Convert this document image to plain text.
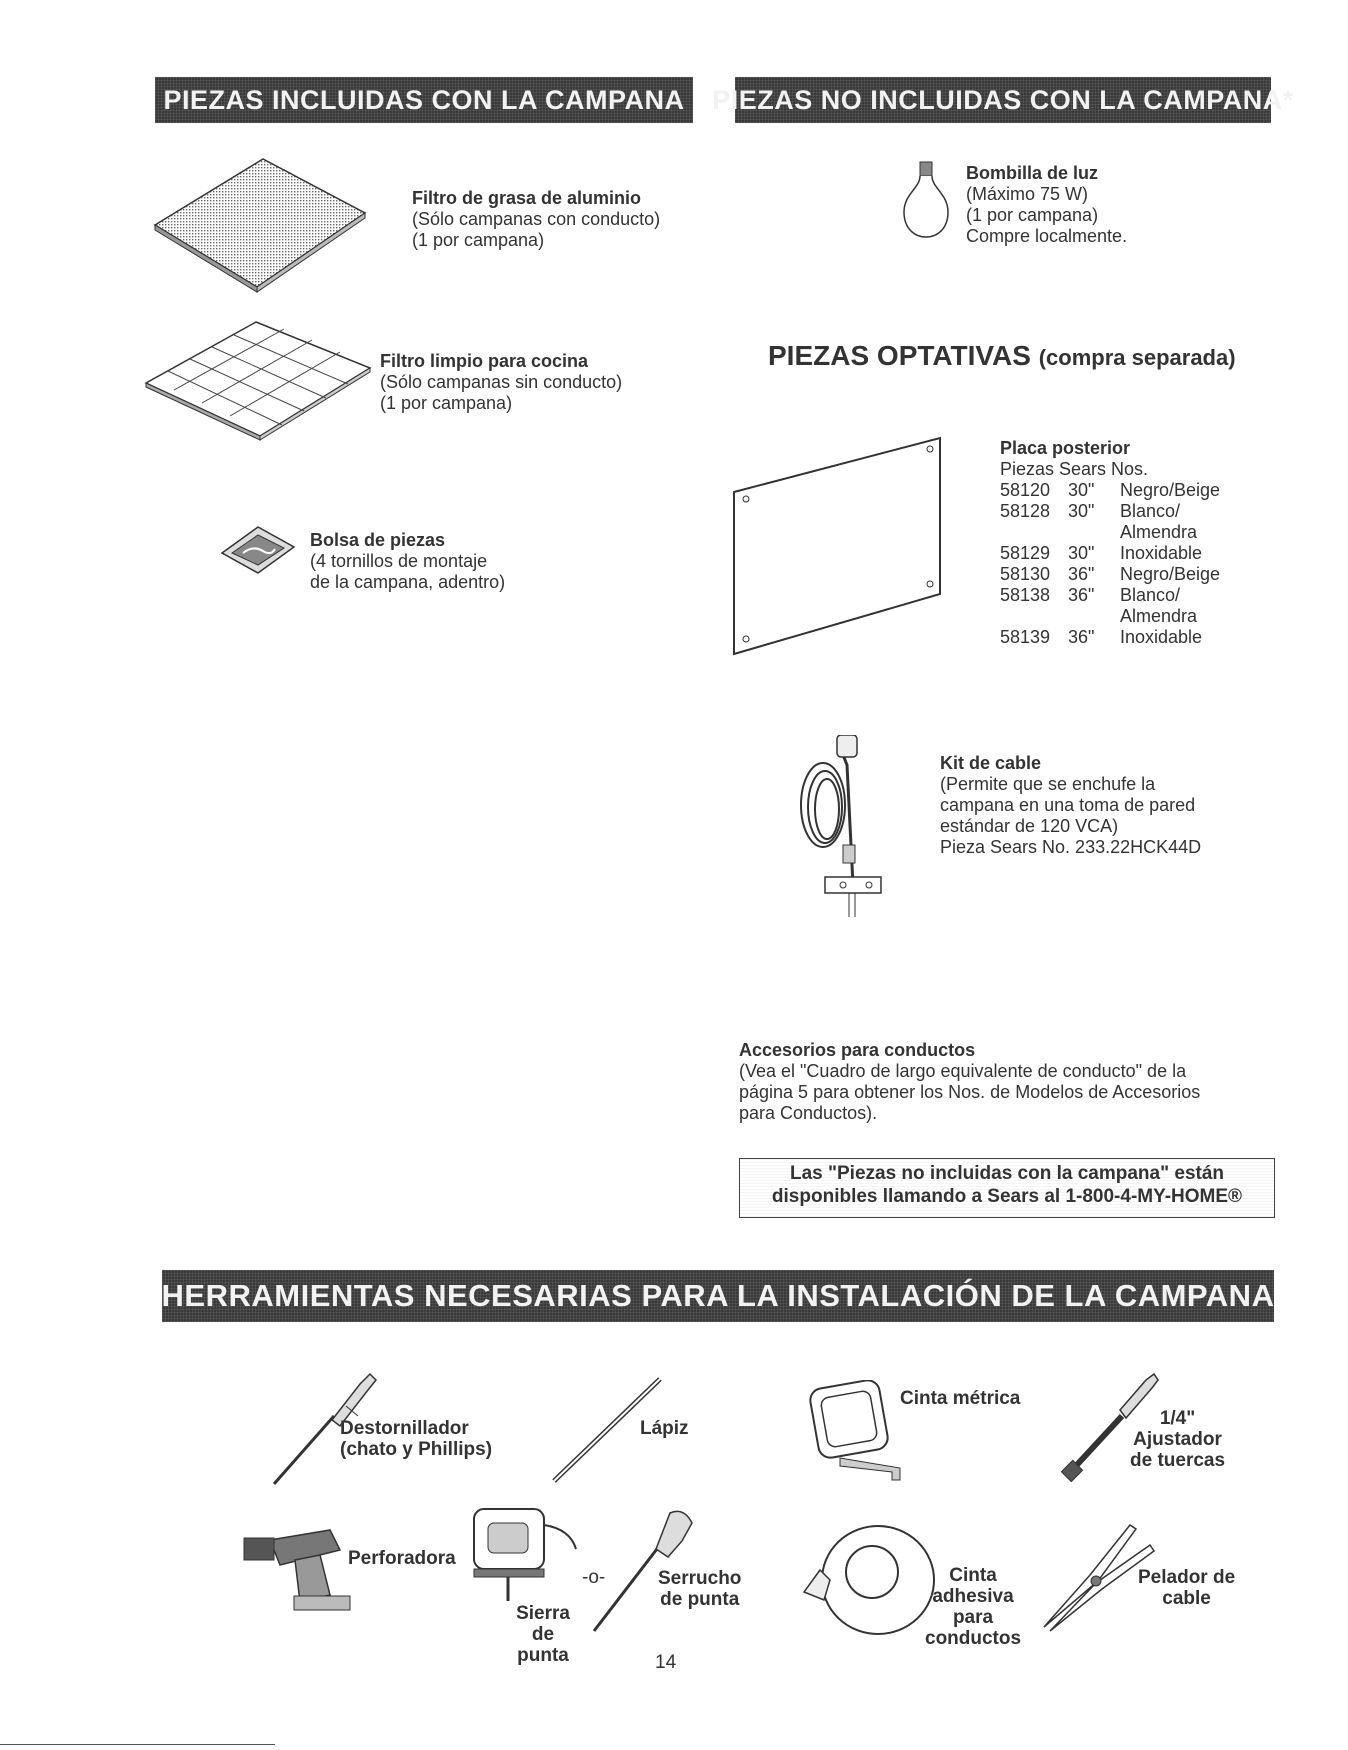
PIEZAS INCLUIDAS CON LA CAMPANA PIEZAS NO INCLUIDAS CON LA CAMPANA*
Filtro de grasa de aluminio
(Sólo campanas con conducto)
(1 por campana)
Filtro limpio para cocina
(Sólo campanas sin conducto)
(1 por campana)
Bolsa de piezas
(4 tornillos de montaje
de la campana, adentro)
Bombilla de luz
(Máximo 75 W)
(1 por campana)
Compre localmente.
PIEZAS OPTATIVAS (compra separada)
Placa posterior
Piezas Sears Nos.
58120	30"	Negro/Beige
58128	30"	Blanco/
		Almendra
58129	30"	Inoxidable
58130	36"	Negro/Beige
58138	36"	Blanco/
		Almendra
58139	36"	Inoxidable
Kit de cable
(Permite que se enchufe la
campana en una toma de pared
estándar de 120 VCA)
Pieza Sears No. 233.22HCK44D
Accesorios para conductos
(Vea el "Cuadro de largo equivalente de conducto" de la
página 5 para obtener los Nos. de Modelos de Accesorios
para Conductos).
Las "Piezas no incluidas con la campana" están
disponibles llamando a Sears al 1-800-4-MY-HOME®
HERRAMIENTAS NECESARIAS PARA LA INSTALACIÓN DE LA CAMPANA
Destornillador
(chato y Phillips)
Lápiz
Cinta métrica
1/4"
Ajustador
de tuercas
Perforadora
-o-
Sierra
de
punta
Serrucho
de punta
Cinta
adhesiva
para
conductos
Pelador de
cable
14
